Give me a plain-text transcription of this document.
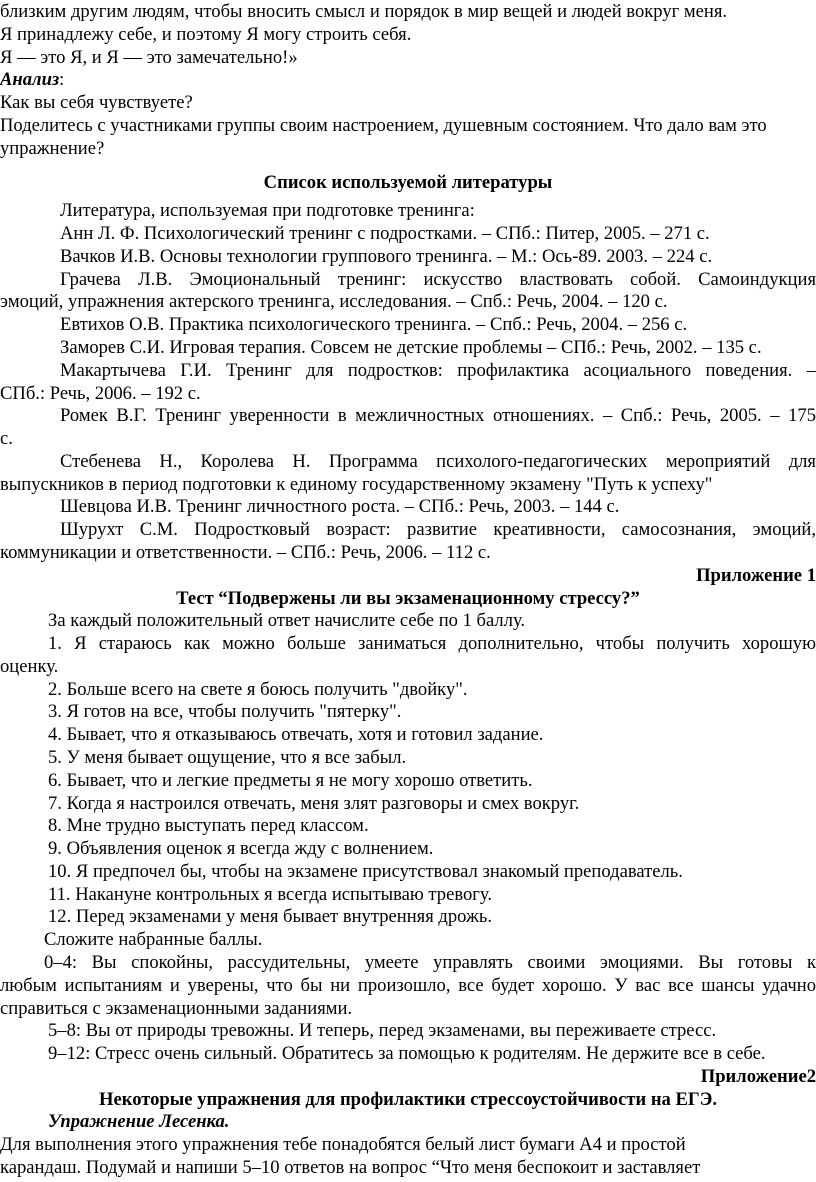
близким другим людям, чтобы вносить смысл и порядок в мир вещей и людей вокруг меня.
Я принадлежу себе, и поэтому Я могу строить себя.
Я — это Я, и Я — это замечательно!»
Анализ:
Как вы себя чувствуете?
Поделитесь с участниками группы своим настроением, душевным состоянием. Что дало вам это
упражнение?
Список используемой литературы
Литература, используемая при подготовке тренинга:
Анн Л. Ф. Психологический тренинг с подростками. – СПб.: Питер, 2005. – 271 с.
Вачков И.В. Основы технологии группового тренинга. – М.: Ось-89. 2003. – 224 с.
Грачева Л.В. Эмоциональный тренинг: искусство властвовать собой. Самоиндукция
эмоций, упражнения актерского тренинга, исследования. – Спб.: Речь, 2004. – 120 с.
Евтихов О.В. Практика психологического тренинга. – Спб.: Речь, 2004. – 256 с.
Заморев С.И. Игровая терапия. Совсем не детские проблемы – СПб.: Речь, 2002. – 135 с.
Макартычева Г.И. Тренинг для подростков: профилактика асоциального поведения. –
СПб.: Речь, 2006. – 192 с.
Ромек В.Г. Тренинг уверенности в межличностных отношениях. – Спб.: Речь, 2005. – 175
с.
Стебенева Н., Королева Н. Программа психолого-педагогических мероприятий для
выпускников в период подготовки к единому государственному экзамену "Путь к успеху"
Шевцова И.В. Тренинг личностного роста. – СПб.: Речь, 2003. – 144 с.
Шурухт С.М. Подростковый возраст: развитие креативности, самосознания, эмоций,
коммуникации и ответственности. – СПб.: Речь, 2006. – 112 с.
Приложение 1
Тест “Подвержены ли вы экзаменационному стрессу?”
За каждый положительный ответ начислите себе по 1 баллу.
1. Я стараюсь как можно больше заниматься дополнительно, чтобы получить хорошую
оценку.
2. Больше всего на свете я боюсь получить "двойку".
3. Я готов на все, чтобы получить "пятерку".
4. Бывает, что я отказываюсь отвечать, хотя и готовил задание.
5. У меня бывает ощущение, что я все забыл.
6. Бывает, что и легкие предметы я не могу хорошо ответить.
7. Когда я настроился отвечать, меня злят разговоры и смех вокруг.
8. Мне трудно выступать перед классом.
9. Объявления оценок я всегда жду с волнением.
10. Я предпочел бы, чтобы на экзамене присутствовал знакомый преподаватель.
11. Накануне контрольных я всегда испытываю тревогу.
12. Перед экзаменами у меня бывает внутренняя дрожь.
Сложите набранные баллы.
0–4: Вы спокойны, рассудительны, умеете управлять своими эмоциями. Вы готовы к
любым испытаниям и уверены, что бы ни произошло, все будет хорошо. У вас все шансы удачно
справиться с экзаменационными заданиями.
5–8: Вы от природы тревожны. И теперь, перед экзаменами, вы переживаете стресс.
9–12: Стресс очень сильный. Обратитесь за помощью к родителям. Не держите все в себе.
Приложение2
Некоторые упражнения для профилактики стрессоустойчивости на ЕГЭ.
Упражнение Лесенка.
Для выполнения этого упражнения тебе понадобятся белый лист бумаги А4 и простой
карандаш. Подумай и напиши 5–10 ответов на вопрос “Что меня беспокоит и заставляет
